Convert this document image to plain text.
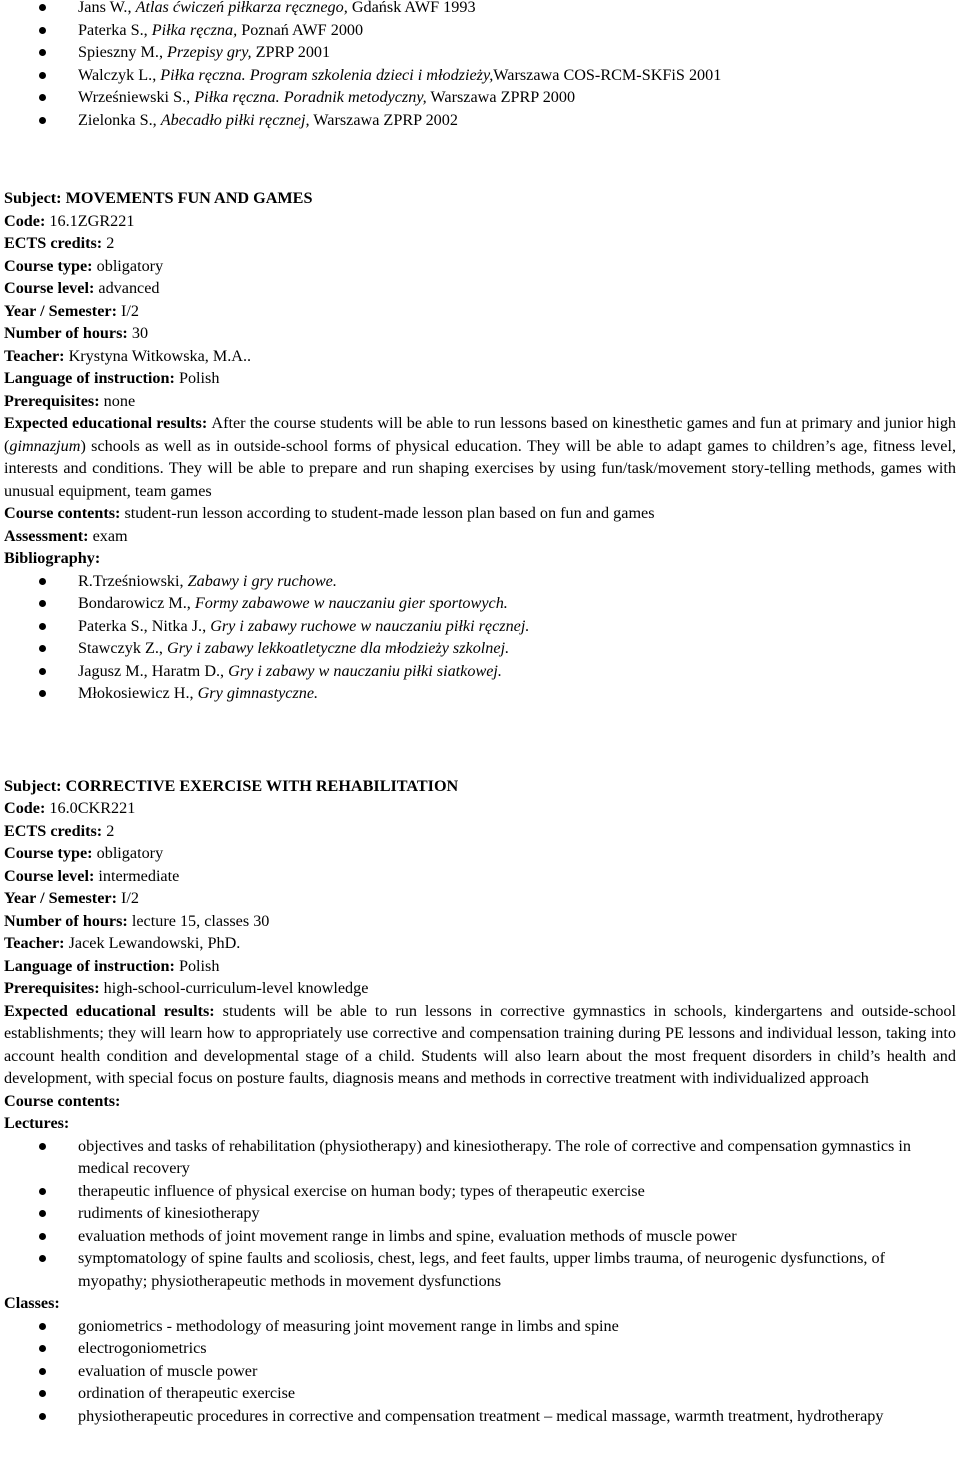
Jans W., Atlas ćwiczeń piłkarza ręcznego, Gdańsk AWF 1993
Paterka S., Piłka ręczna, Poznań AWF 2000
Spieszny M., Przepisy gry, ZPRP 2001
Walczyk L., Piłka ręczna. Program szkolenia dzieci i młodzieży,Warszawa COS-RCM-SKFiS 2001
Wrześniewski S., Piłka ręczna. Poradnik metodyczny, Warszawa ZPRP 2000
Zielonka S., Abecadło piłki ręcznej, Warszawa ZPRP 2002
Subject: MOVEMENTS FUN AND GAMES
Code: 16.1ZGR221
ECTS credits: 2
Course type: obligatory
Course level: advanced
Year / Semester: I/2
Number of hours: 30
Teacher: Krystyna Witkowska, M.A..
Language of instruction: Polish
Prerequisites: none
Expected educational results: After the course students will be able to run lessons based on kinesthetic games and fun at primary and junior high (gimnazjum) schools as well as in outside-school forms of physical education. They will be able to adapt games to children’s age, fitness level, interests and conditions. They will be able to prepare and run shaping exercises by using fun/task/movement story-telling methods, games with unusual equipment, team games
Course contents: student-run lesson according to student-made lesson plan based on fun and games
Assessment: exam
Bibliography:
R.Trześniowski, Zabawy i gry ruchowe.
Bondarowicz M., Formy zabawowe w nauczaniu gier sportowych.
Paterka S., Nitka J., Gry i zabawy ruchowe w nauczaniu piłki ręcznej.
Stawczyk Z., Gry i zabawy lekkoatletyczne dla młodzieży szkolnej.
Jagusz M., Haratm D., Gry i zabawy w nauczaniu piłki siatkowej.
Młokosiewicz H., Gry gimnastyczne.
Subject: CORRECTIVE EXERCISE WITH REHABILITATION
Code: 16.0CKR221
ECTS credits: 2
Course type: obligatory
Course level: intermediate
Year / Semester: I/2
Number of hours: lecture 15, classes 30
Teacher: Jacek Lewandowski, PhD.
Language of instruction: Polish
Prerequisites: high-school-curriculum-level knowledge
Expected educational results: students will be able to run lessons in corrective gymnastics in schools, kindergartens and outside-school establishments; they will learn how to appropriately use corrective and compensation training during PE lessons and individual lesson, taking into account health condition and developmental stage of a child. Students will also learn about the most frequent disorders in child’s health and development, with special focus on posture faults, diagnosis means and methods in corrective treatment with individualized approach
Course contents:
Lectures:
objectives and tasks of rehabilitation (physiotherapy) and kinesiotherapy. The role of corrective and compensation gymnastics in medical recovery
therapeutic influence of physical exercise on human body; types of therapeutic exercise
rudiments of kinesiotherapy
evaluation methods of joint movement range in limbs and spine, evaluation methods of muscle power
symptomatology of spine faults and scoliosis, chest, legs, and feet faults, upper limbs trauma, of neurogenic dysfunctions, of myopathy; physiotherapeutic methods in movement dysfunctions
Classes:
goniometrics - methodology of measuring joint movement range in limbs and spine
electrogoniometrics
evaluation of muscle power
ordination of therapeutic exercise
physiotherapeutic procedures in corrective and compensation treatment – medical massage, warmth treatment, hydrotherapy
